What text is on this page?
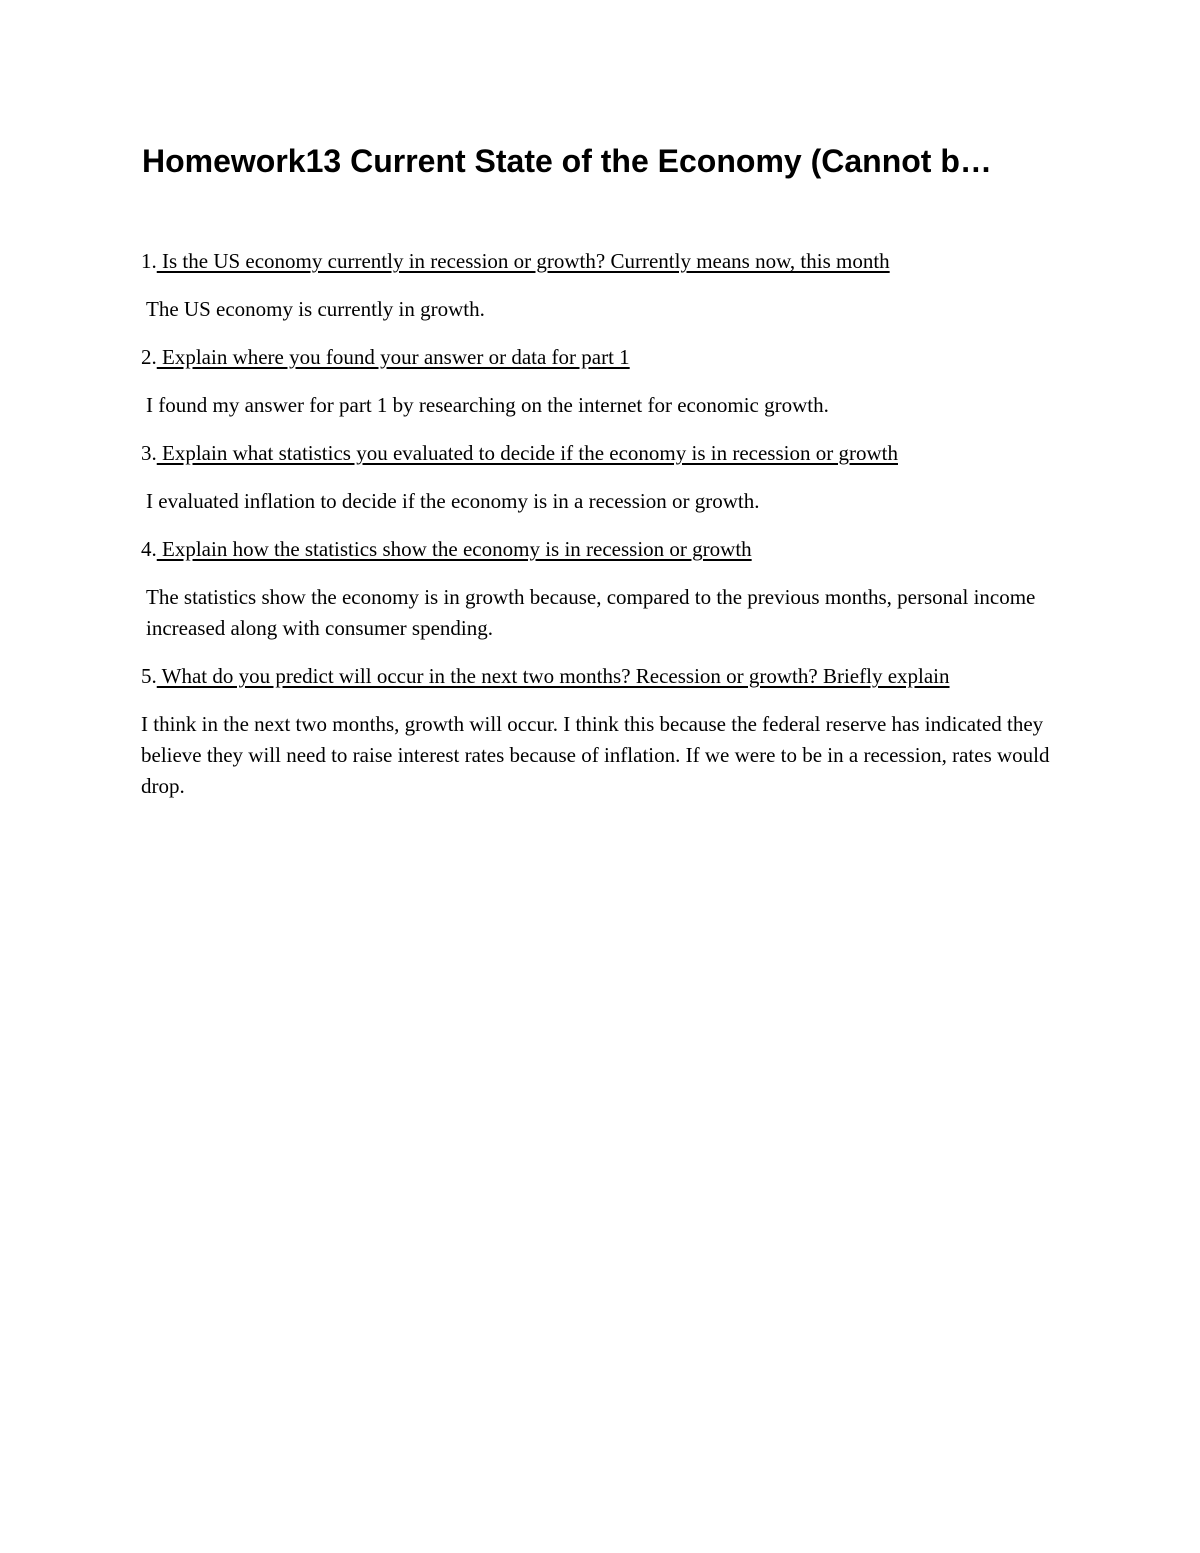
Homework13 Current State of the Economy (Cannot b…

1. Is the US economy currently in recession or growth? Currently means now, this month

The US economy is currently in growth.

2. Explain where you found your answer or data for part 1

I found my answer for part 1 by researching on the internet for economic growth.

3. Explain what statistics you evaluated to decide if the economy is in recession or growth

I evaluated inflation to decide if the economy is in a recession or growth.

4. Explain how the statistics show the economy is in recession or growth

The statistics show the economy is in growth because, compared to the previous months, personal income increased along with consumer spending.

5. What do you predict will occur in the next two months? Recession or growth? Briefly explain

I think in the next two months, growth will occur. I think this because the federal reserve has indicated they believe they will need to raise interest rates because of inflation. If we were to be in a recession, rates would drop.
